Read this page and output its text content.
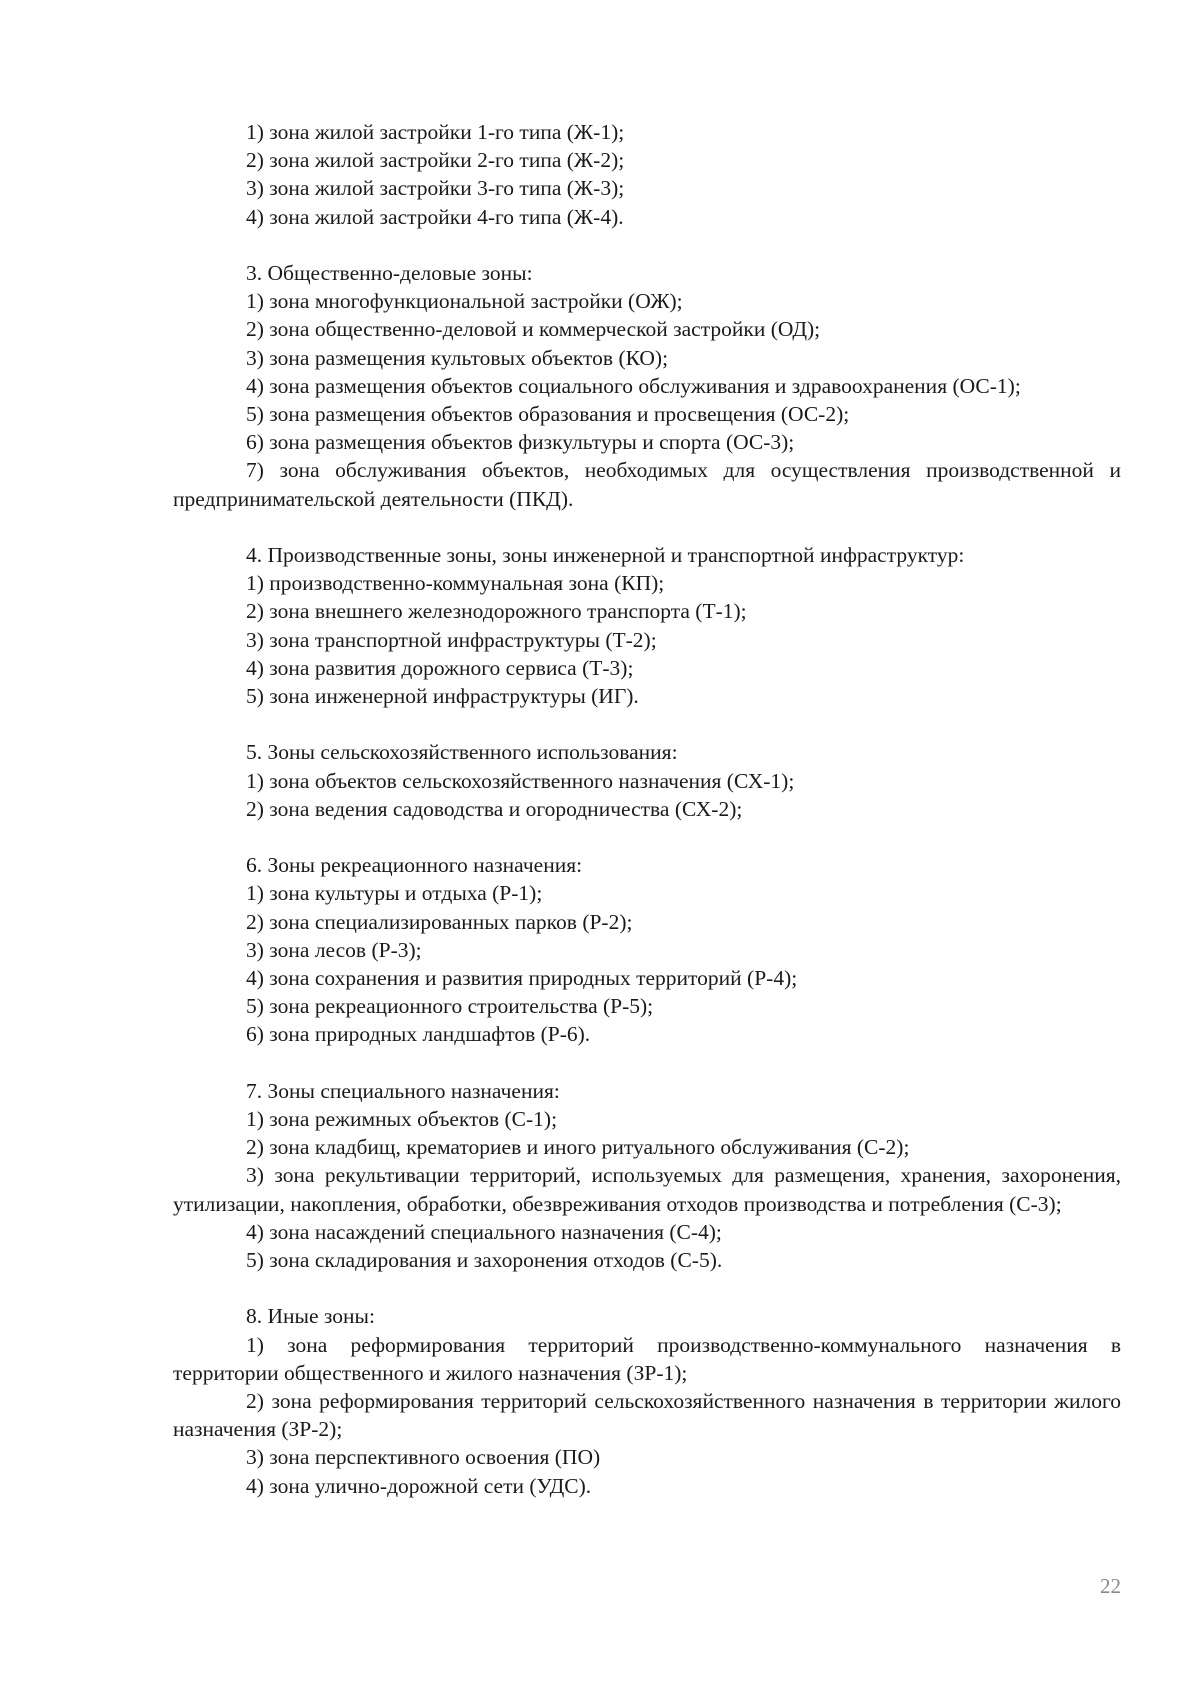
1) зона жилой застройки 1-го типа (Ж-1);

2) зона жилой застройки 2-го типа (Ж-2);

3) зона жилой застройки 3-го типа (Ж-3);

4) зона жилой застройки 4-го типа (Ж-4).

3. Общественно-деловые зоны:

1) зона многофункциональной застройки (ОЖ);

2) зона общественно-деловой и коммерческой застройки (ОД);

3) зона размещения культовых объектов (КО);

4) зона размещения объектов социального обслуживания и здравоохранения (ОС-1);

5) зона размещения объектов образования и просвещения (ОС-2);

6) зона размещения объектов физкультуры и спорта (ОС-3);

7) зона обслуживания объектов, необходимых для осуществления производственной и предпринимательской деятельности (ПКД).

4. Производственные зоны, зоны инженерной и транспортной инфраструктур:

1) производственно-коммунальная зона (КП);

2) зона внешнего железнодорожного транспорта (Т-1);

3) зона транспортной инфраструктуры (Т-2);

4) зона развития дорожного сервиса (Т-3);

5) зона инженерной инфраструктуры (ИГ).

5. Зоны сельскохозяйственного использования:

1) зона объектов сельскохозяйственного назначения (СХ-1);

2) зона ведения садоводства и огородничества (СХ-2);

6. Зоны рекреационного назначения:

1) зона культуры и отдыха (Р-1);

2) зона специализированных парков (Р-2);

3) зона лесов (Р-3);

4) зона сохранения и развития природных территорий (Р-4);

5) зона рекреационного строительства (Р-5);

6) зона природных ландшафтов (Р-6).

7. Зоны специального назначения:

1) зона режимных объектов (С-1);

2) зона кладбищ, крематориев и иного ритуального обслуживания (С-2);

3) зона рекультивации территорий, используемых для размещения, хранения, захоронения, утилизации, накопления, обработки, обезвреживания отходов производства и потребления (С-3);

4) зона насаждений специального назначения (С-4);

5) зона складирования и захоронения отходов (С-5).

8. Иные зоны:

1) зона реформирования территорий производственно-коммунального назначения в территории общественного и жилого назначения (ЗР-1);

2) зона реформирования территорий сельскохозяйственного назначения в территории жилого назначения (ЗР-2);

3) зона перспективного освоения (ПО)

4) зона улично-дорожной сети (УДС).

22
